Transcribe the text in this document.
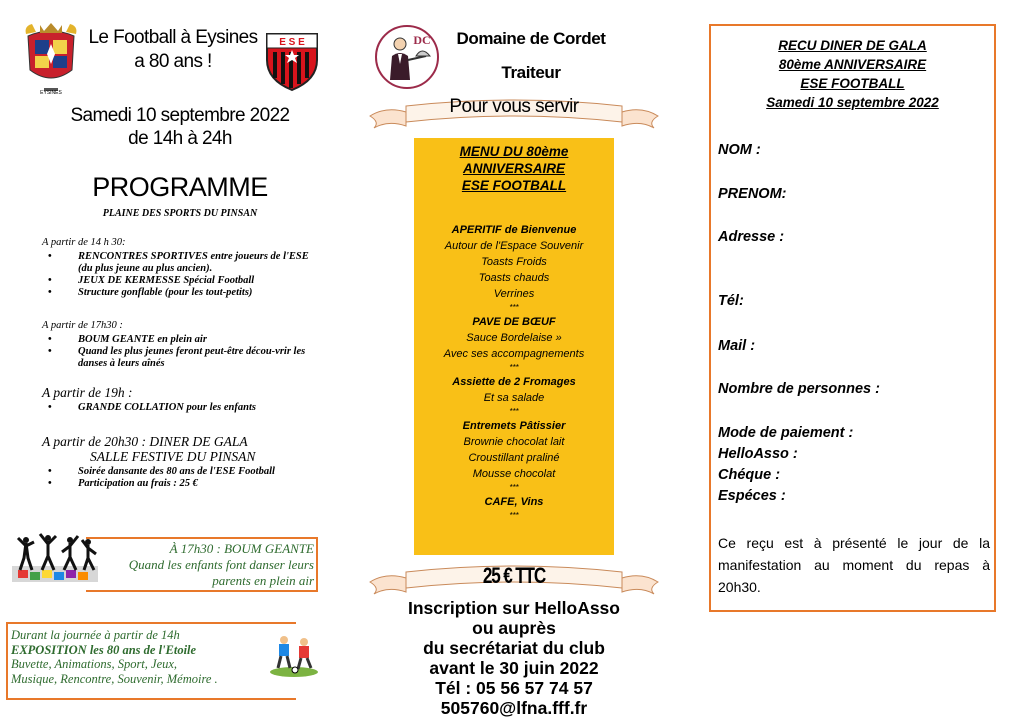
EYSINES
Le Football à Eysines
a 80 ans !
E S E
Samedi 10 septembre 2022
de 14h à 24h
PROGRAMME
PLAINE DES SPORTS DU PINSAN
A partir de 14 h 30:
• RENCONTRES SPORTIVES entre joueurs de l'ESE (du plus jeune au plus ancien).
• JEUX DE KERMESSE Spécial Football
• Structure gonflable (pour les tout-petits)
A partir de 17h30 :
• BOUM GEANTE en plein air
• Quand les plus jeunes feront peut-être décou-vrir les danses à leurs aînés
A partir de 19h :
• GRANDE COLLATION pour les enfants
A partir de 20h30 : DINER DE GALA
SALLE FESTIVE DU PINSAN
• Soirée dansante des 80 ans de l'ESE Football
• Participation au frais : 25 €
À 17h30 : BOUM GEANTE
Quand les enfants font danser leurs
parents en plein air
Durant la journée à partir de 14h
EXPOSITION les 80 ans de l'Etoile
Buvette, Animations, Sport, Jeux,
Musique, Rencontre, Souvenir, Mémoire .
DC	Domaine de Cordet
Traiteur
Pour vous servir
MENU DU 80ème
ANNIVERSAIRE
ESE FOOTBALL
APERITIF de Bienvenue
Autour de l'Espace Souvenir
Toasts Froids
Toasts chauds
Verrines
***
PAVE DE BŒUF
Sauce Bordelaise »
Avec ses accompagnements
***
Assiette de 2 Fromages
Et sa salade
***
Entremets Pâtissier
Brownie chocolat lait
Croustillant praliné
Mousse chocolat
***
CAFE, Vins
***
25 € TTC
Inscription sur HelloAsso
ou auprès
du secrétariat du club
avant le 30 juin 2022
Tél : 05 56 57 74 57
505760@lfna.fff.fr
RECU DINER DE GALA
80ème ANNIVERSAIRE
ESE FOOTBALL
Samedi 10 septembre 2022
NOM :
PRENOM:
Adresse :
Tél:
Mail :
Nombre de personnes :
Mode de paiement :
HelloAsso :
Chéque :
Espéces :
Ce reçu est à présenté le jour de la manifestation au moment du repas à 20h30.
